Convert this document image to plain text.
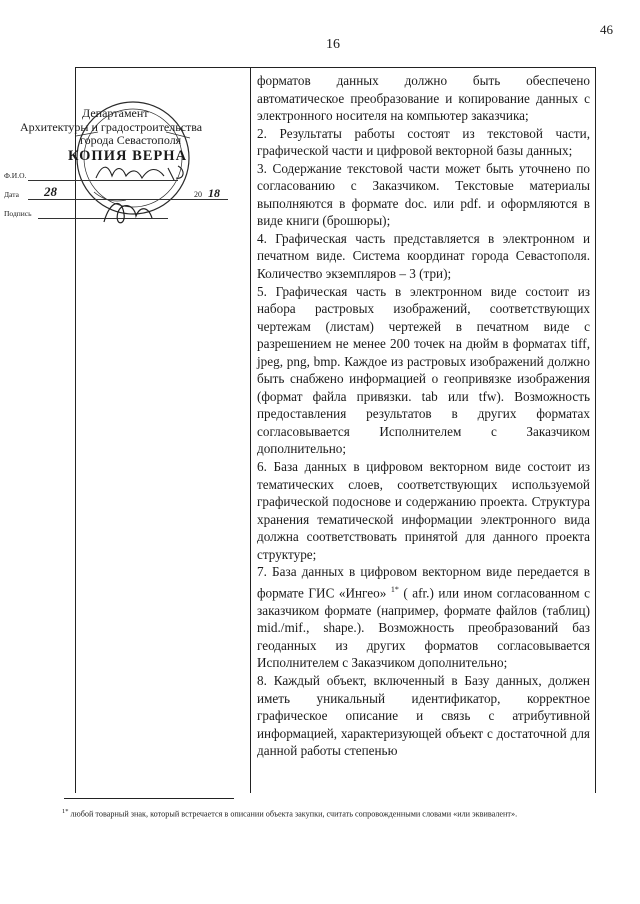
46
16
Департамент
Архитектуры и градостроительства
города Севастополя
КОПИЯ ВЕРНА
Ф.И.О.
Дата 28	20 18
Подпись

форматов данных должно быть обеспечено автоматическое преобразование и копирование данных с электронного носителя на компьютер заказчика;

2. Результаты работы состоят из текстовой части, графической части и цифровой векторной базы данных;

3. Содержание текстовой части может быть уточнено по согласованию с Заказчиком. Текстовые материалы выполняются в формате doc. или pdf. и оформляются в виде книги (брошюры);

4. Графическая часть представляется в электронном и печатном виде. Система координат города Севастополя. Количество экземпляров – 3 (три);

5. Графическая часть в электронном виде состоит из набора растровых изображений, соответствующих чертежам (листам) чертежей в печатном виде с разрешением не менее 200 точек на дюйм в форматах tiff, jpeg, png, bmp. Каждое из растровых изображений должно быть снабжено информацией о геопривязке изображения (формат файла привязки. tab или tfw). Возможность предоставления результатов в других форматах согласовывается Исполнителем с Заказчиком дополнительно;

6. База данных в цифровом векторном виде состоит из тематических слоев, соответствующих используемой графической подоснове и содержанию проекта. Структура хранения тематической информации электронного вида должна соответствовать принятой для данного проекта структуре;

7. База данных в цифровом векторном виде передается в формате ГИС «Ингео» $^{1*}$ ( afr.) или ином согласованном с заказчиком формате (например, формате файлов (таблиц) mid./mif., shape.). Возможность преобразований баз геоданных из других форматов согласовывается Исполнителем с Заказчиком дополнительно;

8. Каждый объект, включенный в Базу данных, должен иметь уникальный идентификатор, корректное графическое описание и связь с атрибутивной информацией, характеризующей объект с достаточной для данной работы степенью

$^{1*}$ любой товарный знак, который встречается в описании объекта закупки, считать сопровожденными словами «или эквивалент».
